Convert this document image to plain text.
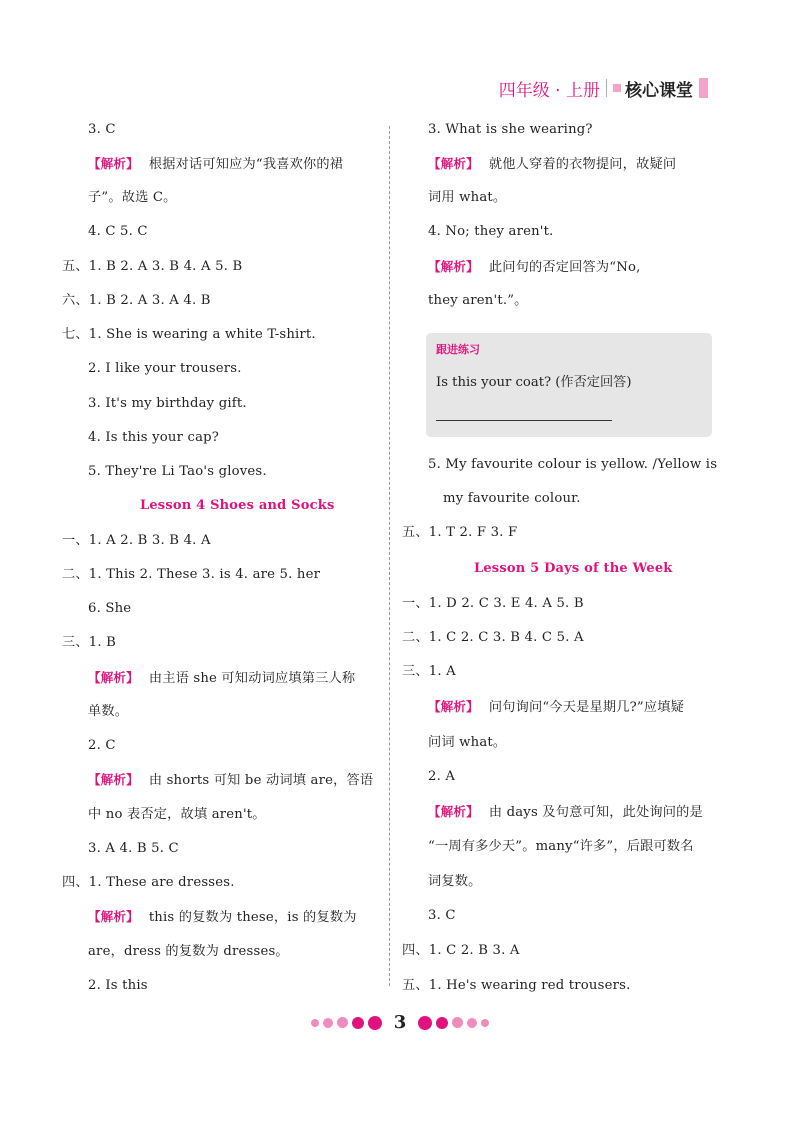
四年级 · 上册 核心课堂
3. C
【解析】 根据对话可知应为“我喜欢你的裙
子”。故选 C。
4. C 5. C
五、1. B 2. A 3. B 4. A 5. B
六、1. B 2. A 3. A 4. B
七、1. She is wearing a white T-shirt.
2. I like your trousers.
3. It's my birthday gift.
4. Is this your cap?
5. They're Li Tao's gloves.
Lesson 4 Shoes and Socks
一、1. A 2. B 3. B 4. A
二、1. This 2. These 3. is 4. are 5. her
6. She
三、1. B
【解析】 由主语 she 可知动词应填第三人称
单数。
2. C
【解析】 由 shorts 可知 be 动词填 are，答语
中 no 表否定，故填 aren't。
3. A 4. B 5. C
四、1. These are dresses.
【解析】 this 的复数为 these，is 的复数为
are，dress 的复数为 dresses。
2. Is this
3. What is she wearing?
【解析】 就他人穿着的衣物提问，故疑问
词用 what。
4. No; they aren't.
【解析】 此问句的否定回答为“No,
they aren't.”。
5. My favourite colour is yellow. /Yellow is
my favourite colour.
五、1. T 2. F 3. F
Lesson 5 Days of the Week
一、1. D 2. C 3. E 4. A 5. B
二、1. C 2. C 3. B 4. C 5. A
三、1. A
【解析】 问句询问“今天是星期几?”应填疑
问词 what。
2. A
【解析】 由 days 及句意可知，此处询问的是
“一周有多少天”。many“许多”，后跟可数名
词复数。
3. C
四、1. C 2. B 3. A
五、1. He's wearing red trousers.
跟进练习
Is this your coat? (作否定回答)
3
